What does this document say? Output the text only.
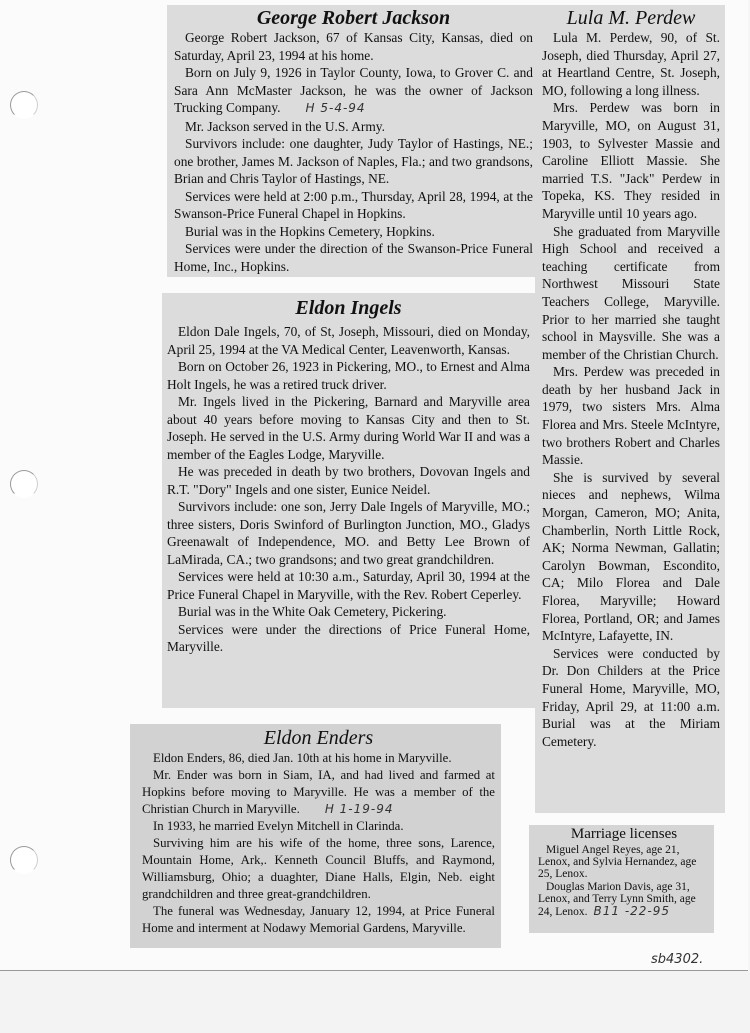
George Robert Jackson

George Robert Jackson, 67 of Kansas City, Kansas, died on Saturday, April 23, 1994 at his home.

Born on July 9, 1926 in Taylor County, Iowa, to Grover C. and Sara Ann McMaster Jackson, he was the owner of Jackson Trucking Company. H 5-4-94

Mr. Jackson served in the U.S. Army.

Survivors include: one daughter, Judy Taylor of Hastings, NE.; one brother, James M. Jackson of Naples, Fla.; and two grandsons, Brian and Chris Taylor of Hastings, NE.

Services were held at 2:00 p.m., Thursday, April 28, 1994, at the Swanson-Price Funeral Chapel in Hopkins.

Burial was in the Hopkins Cemetery, Hopkins.

Services were under the direction of the Swanson-Price Funeral Home, Inc., Hopkins.

Eldon Ingels

Eldon Dale Ingels, 70, of St, Joseph, Missouri, died on Monday, April 25, 1994 at the VA Medical Center, Leavenworth, Kansas.

Born on October 26, 1923 in Pickering, MO., to Ernest and Alma Holt Ingels, he was a retired truck driver.

Mr. Ingels lived in the Pickering, Barnard and Maryville area about 40 years before moving to Kansas City and then to St. Joseph. He served in the U.S. Army during World War II and was a member of the Eagles Lodge, Maryville.

He was preceded in death by two brothers, Dovovan Ingels and R.T. "Dory" Ingels and one sister, Eunice Neidel.

Survivors include: one son, Jerry Dale Ingels of Maryville, MO.; three sisters, Doris Swinford of Burlington Junction, MO., Gladys Greenawalt of Independence, MO. and Betty Lee Brown of LaMirada, CA.; two grandsons; and two great grandchildren.

Services were held at 10:30 a.m., Saturday, April 30, 1994 at the Price Funeral Chapel in Maryville, with the Rev. Robert Ceperley.

Burial was in the White Oak Cemetery, Pickering.

Services were under the directions of Price Funeral Home, Maryville.

Lula M. Perdew

Lula M. Perdew, 90, of St. Joseph, died Thursday, April 27, at Heartland Centre, St. Joseph, MO, following a long illness.

Mrs. Perdew was born in Maryville, MO, on August 31, 1903, to Sylvester Massie and Caroline Elliott Massie. She married T.S. "Jack" Perdew in Topeka, KS. They resided in Maryville until 10 years ago.

She graduated from Maryville High School and received a teaching certificate from Northwest Missouri State Teachers College, Maryville. Prior to her married she taught school in Maysville. She was a member of the Christian Church.

Mrs. Perdew was preceded in death by her husband Jack in 1979, two sisters Mrs. Alma Florea and Mrs. Steele McIntyre, two brothers Robert and Charles Massie.

She is survived by several nieces and nephews, Wilma Morgan, Cameron, MO; Anita, Chamberlin, North Little Rock, AK; Norma Newman, Gallatin; Carolyn Bowman, Escondito, CA; Milo Florea and Dale Florea, Maryville; Howard Florea, Portland, OR; and James McIntyre, Lafayette, IN.

Services were conducted by Dr. Don Childers at the Price Funeral Home, Maryville, MO, Friday, April 29, at 11:00 a.m. Burial was at the Miriam Cemetery.

Eldon Enders

Eldon Enders, 86, died Jan. 10th at his home in Maryville.

Mr. Ender was born in Siam, IA, and had lived and farmed at Hopkins before moving to Maryville. He was a member of the Christian Church in Maryville. H 1-19-94

In 1933, he married Evelyn Mitchell in Clarinda.

Surviving him are his wife of the home, three sons, Larence, Mountain Home, Ark,. Kenneth Council Bluffs, and Raymond, Williamsburg, Ohio; a duaghter, Diane Halls, Elgin, Neb. eight grandchildren and three great-grandchildren.

The funeral was Wednesday, January 12, 1994, at Price Funeral Home and interment at Nodawy Memorial Gardens, Maryville.

Marriage licenses

Miguel Angel Reyes, age 21, Lenox, and Sylvia Hernandez, age 25, Lenox.

Douglas Marion Davis, age 31, Lenox, and Terry Lynn Smith, age 24, Lenox. B11 -22-95

sb4302.
